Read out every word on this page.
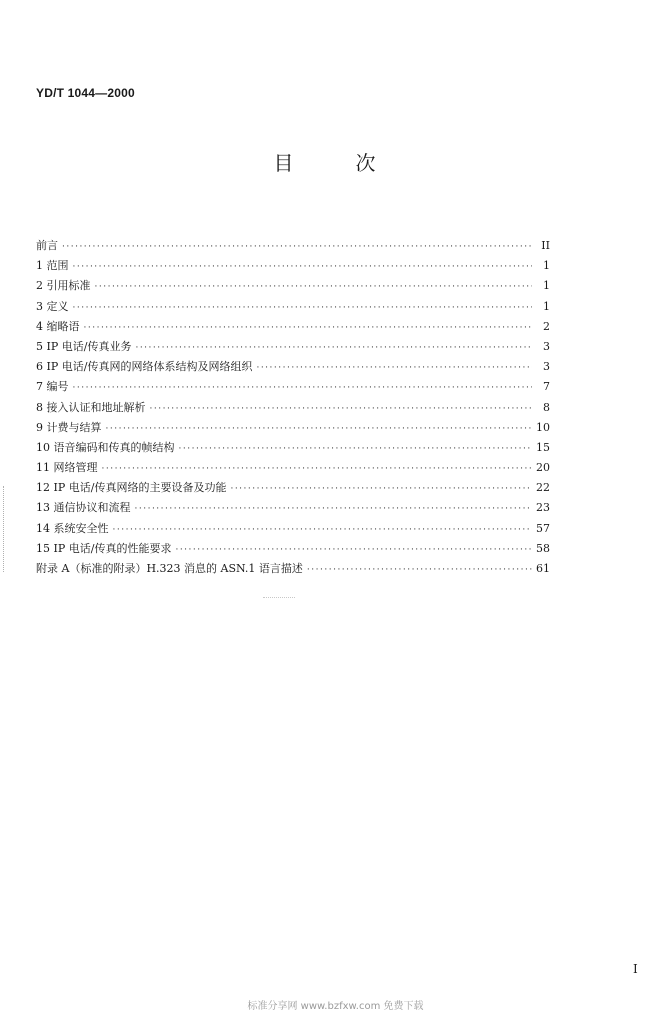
YD/T 1044—2000
目次
前言 ·····	II
1 范围 ·····	1
2 引用标准 ·····	1
3 定义 ·····	1
4 缩略语 ·····	2
5 IP 电话/传真业务 ·····	3
6 IP 电话/传真网的网络体系结构及网络组织 ·····	3
7 编号 ·····	7
8 接入认证和地址解析 ·····	8
9 计费与结算 ·····	10
10 语音编码和传真的帧结构 ·····	15
11 网络管理 ·····	20
12 IP 电话/传真网络的主要设备及功能 ·····	22
13 通信协议和流程 ·····	23
14 系统安全性 ·····	57
15 IP 电话/传真的性能要求 ·····	58
附录 A（标准的附录）H.323 消息的 ASN.1 语言描述 ·····	61
I
标准分享网 www.bzfxw.com 免费下载
